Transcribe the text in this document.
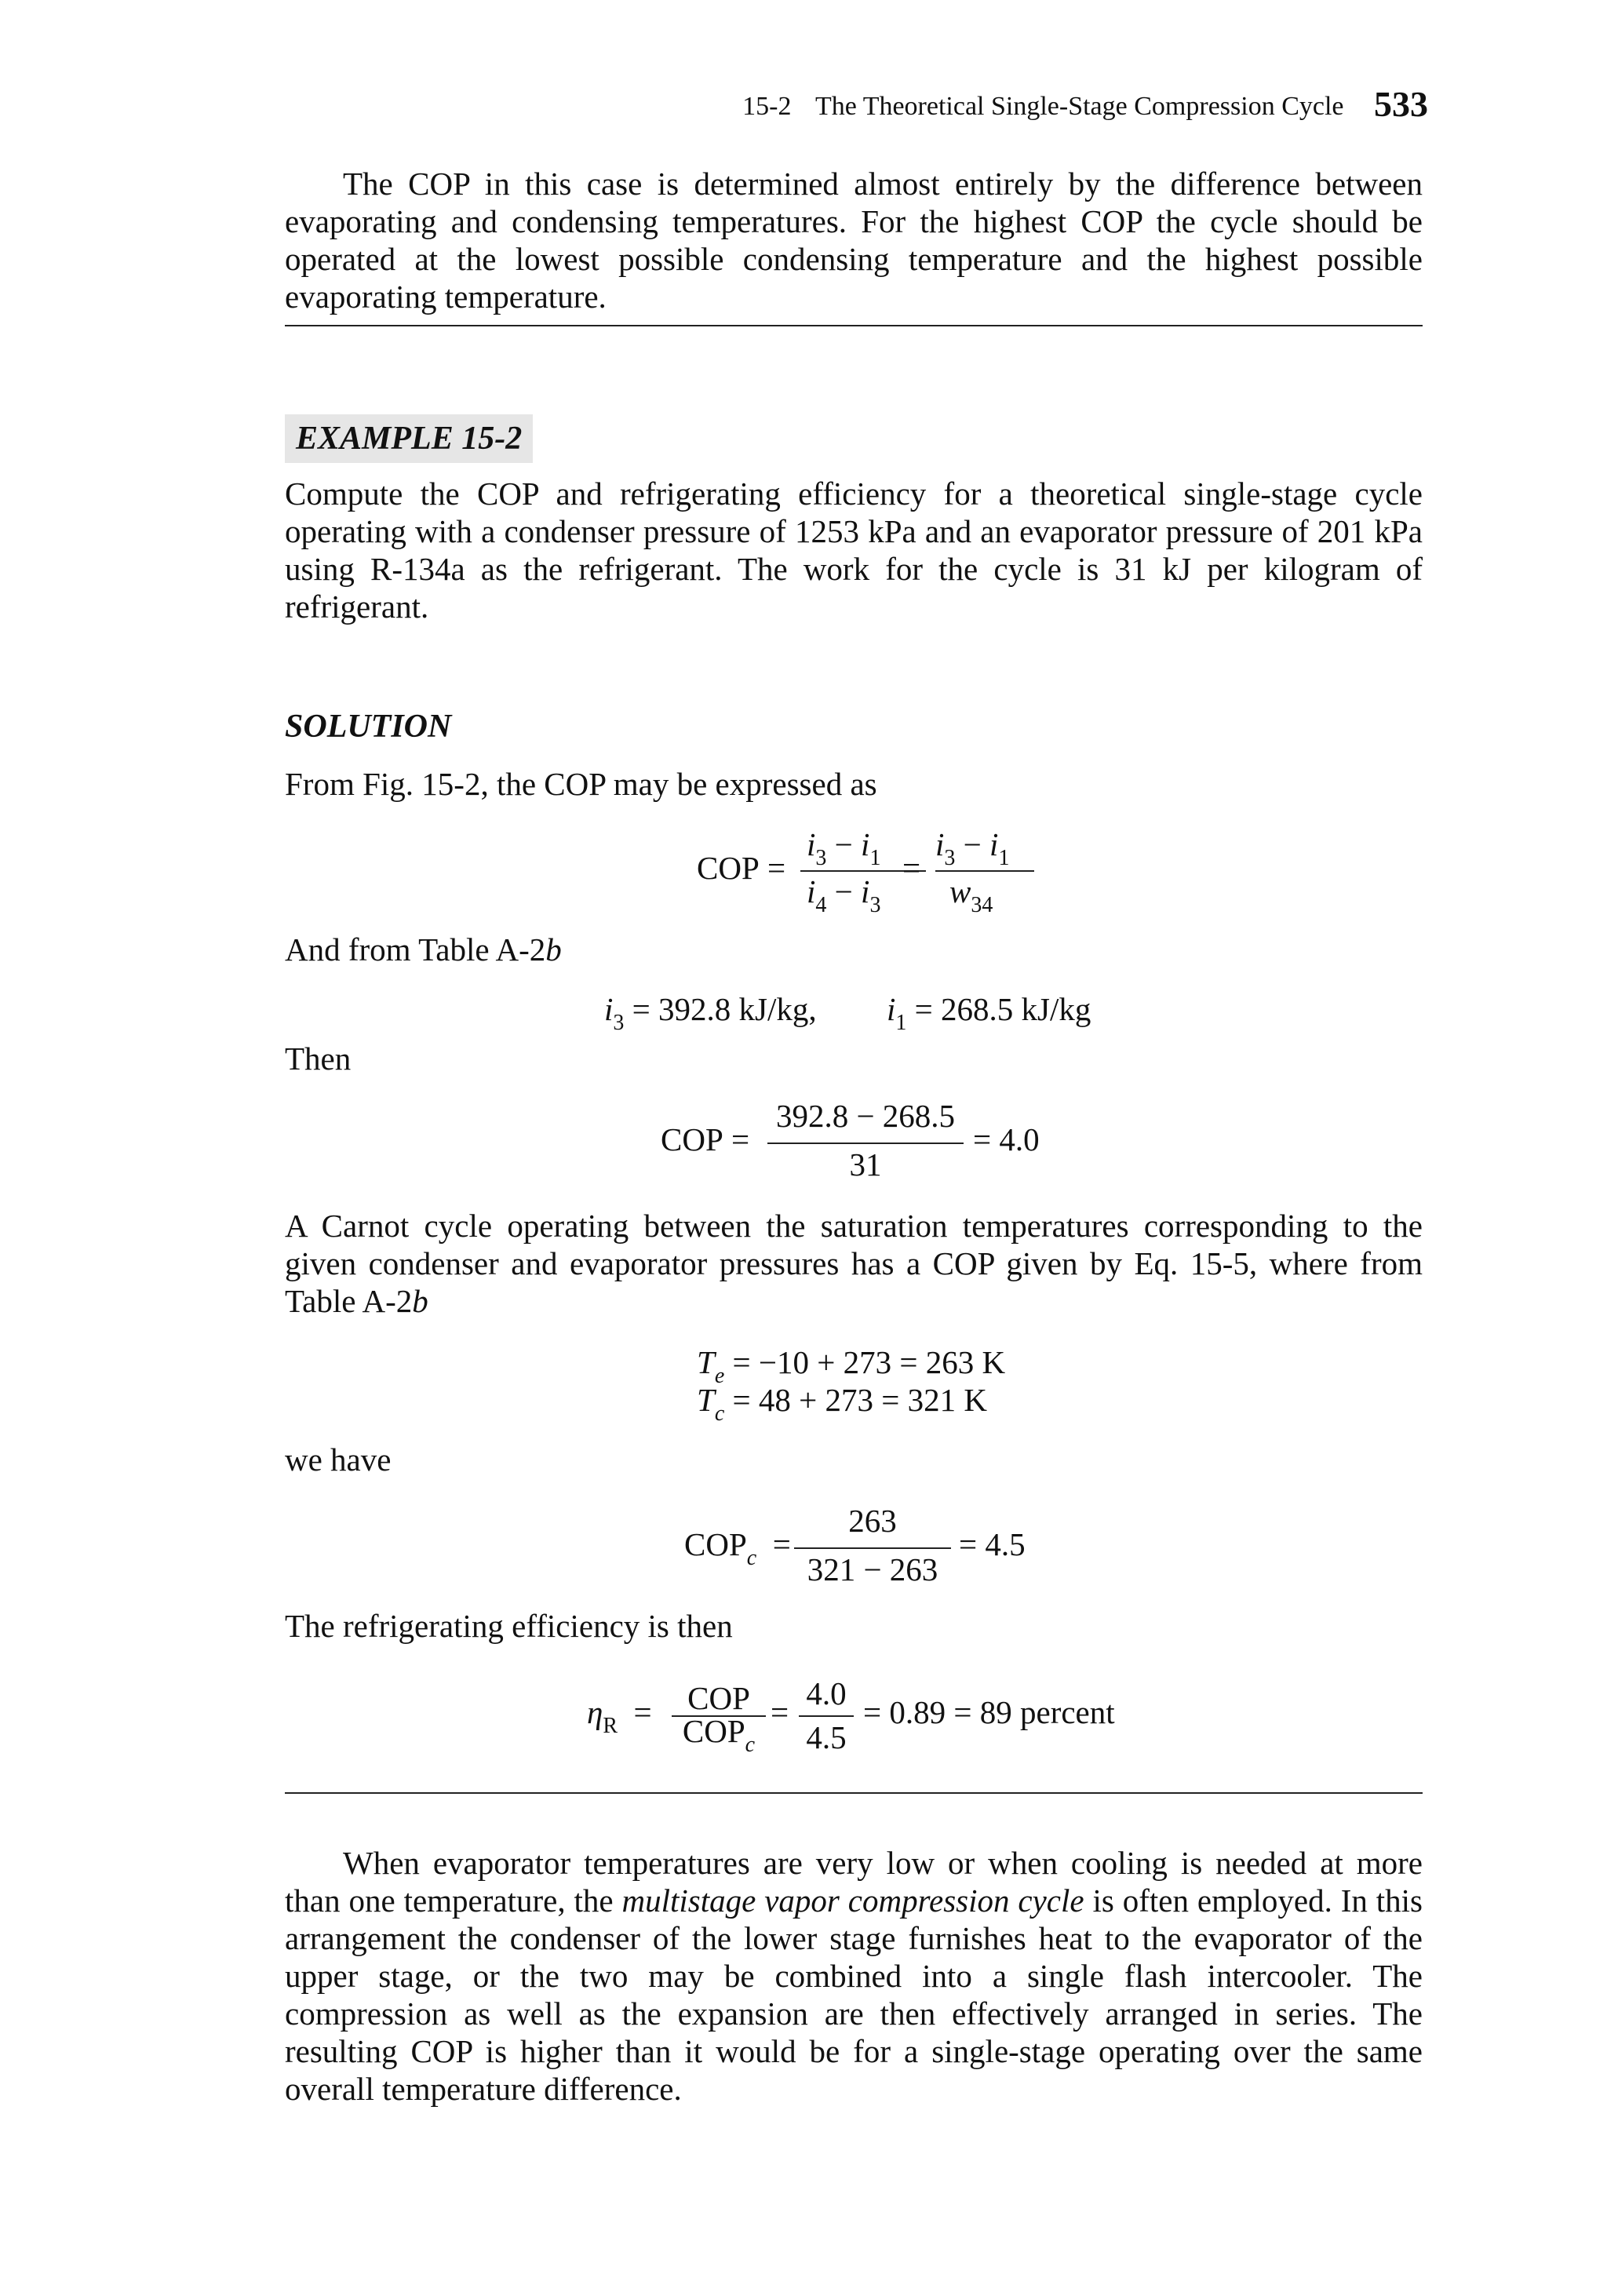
15-2 The Theoretical Single-Stage Compression Cycle 533

The COP in this case is determined almost entirely by the difference between evaporating and condensing temperatures. For the highest COP the cycle should be operated at the lowest possible condensing temperature and the highest possible evaporating temperature.

EXAMPLE 15-2

Compute the COP and refrigerating efficiency for a theoretical single-stage cycle operating with a condenser pressure of 1253 kPa and an evaporator pressure of 201 kPa using R-134a as the refrigerant. The work for the cycle is 31 kJ per kilogram of refrigerant.

SOLUTION

From Fig. 15-2, the COP may be expressed as

COP =
$i_3 - i_1$
$i_4 - i_3$
=
$i_3 - i_1$
$w_{34}$

And from Table A-2b

$i_3 = 392.8$ kJ/kg, $i_1 = 268.5$ kJ/kg

Then

COP =
392.8 − 268.5
31
= 4.0

A Carnot cycle operating between the saturation temperatures corresponding to the given condenser and evaporator pressures has a COP given by Eq. 15-5, where from Table A-2b

$T_e = -10 + 273 = 263$ K
$T_c = 48 + 273 = 321$ K

we have

$COP_c$ =
263
321 − 263
= 4.5

The refrigerating efficiency is then

$\eta_R$ =	COP
$COP_c$
=
4.0
4.5
= 0.89 = 89 percent

When evaporator temperatures are very low or when cooling is needed at more than one temperature, the multistage vapor compression cycle is often employed. In this arrangement the condenser of the lower stage furnishes heat to the evaporator of the upper stage, or the two may be combined into a single flash intercooler. The compression as well as the expansion are then effectively arranged in series. The resulting COP is higher than it would be for a single-stage operating over the same overall temperature difference.
